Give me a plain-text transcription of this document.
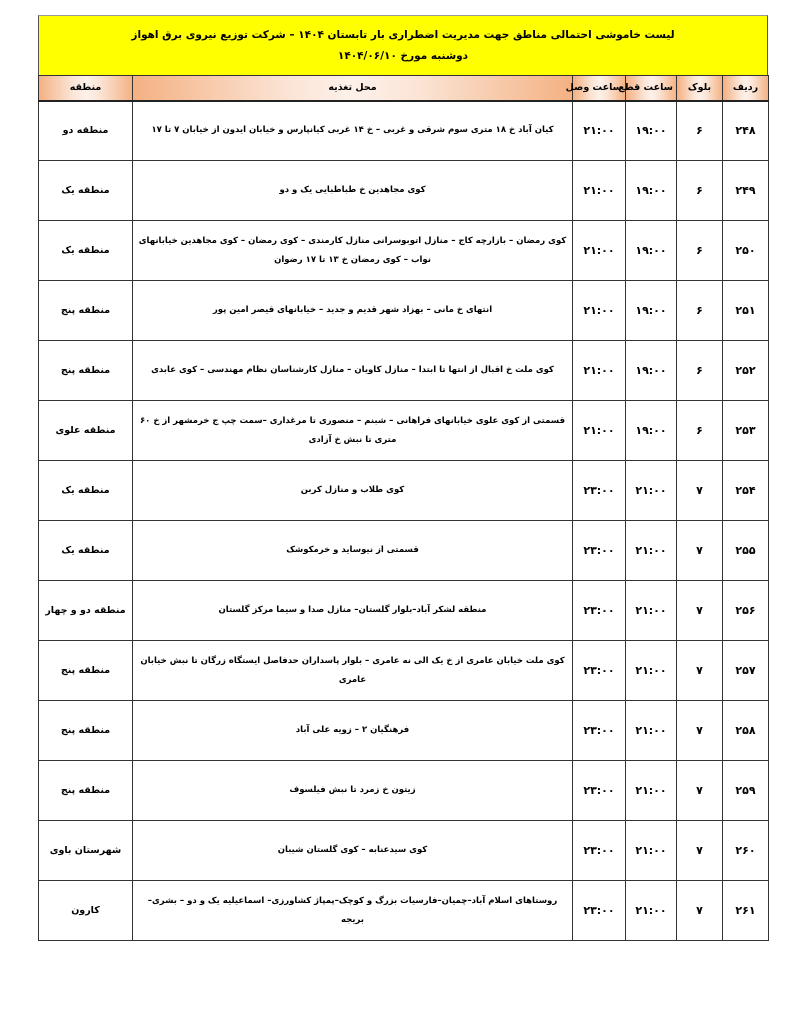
لیست خاموشی احتمالی مناطق جهت مدیریت اضطراری بار تابستان ۱۴۰۴ – شرکت توزیع نیروی برق اهواز
دوشنبه مورخ ۱۴۰۴/۰۶/۱۰
ردیف	بلوک	ساعت قطع	ساعت وصل	محل تغذیه	منطقه
۲۴۸	۶	۱۹:۰۰	۲۱:۰۰	کیان آباد خ ۱۸ متری سوم شرقی و غربی – خ ۱۴ غربی کیانپارس و خیابان ایدون از خیابان ۷ تا ۱۷	منطقه دو
۲۴۹	۶	۱۹:۰۰	۲۱:۰۰	کوی مجاهدین خ طباطبایی یک و دو	منطقه یک
۲۵۰	۶	۱۹:۰۰	۲۱:۰۰	کوی رمضان – بازارچه کاج – منازل اتوبوسرانی منازل کارمندی – کوی رمضان – کوی مجاهدین خیابانهای نواب – کوی رمضان خ ۱۳ تا ۱۷ رضوان	منطقه یک
۲۵۱	۶	۱۹:۰۰	۲۱:۰۰	انتهای خ مانی – بهزاد شهر قدیم و جدید – خیابانهای قیصر امین پور	منطقه پنج
۲۵۲	۶	۱۹:۰۰	۲۱:۰۰	کوی ملت خ اقبال از انتها تا ابتدا – منازل کاویان – منازل کارشناسان نظام مهندسی – کوی عابدی	منطقه پنج
۲۵۳	۶	۱۹:۰۰	۲۱:۰۰	قسمتی از کوی علوی خیابانهای فراهانی – شبنم – منصوری تا مرغداری –سمت چپ ج خرمشهر از خ ۶۰ متری تا نبش خ آزادی	منطقه علوی
۲۵۴	۷	۲۱:۰۰	۲۳:۰۰	کوی طلاب و منازل کربن	منطقه یک
۲۵۵	۷	۲۱:۰۰	۲۳:۰۰	قسمتی از نیوساید و خرمکوشک	منطقه یک
۲۵۶	۷	۲۱:۰۰	۲۳:۰۰	منطقه لشکر آباد–بلوار گلستان– منازل صدا و سیما مرکز گلستان	منطقه دو و چهار
۲۵۷	۷	۲۱:۰۰	۲۳:۰۰	کوی ملت خیابان عامری از خ یک الی نه عامری – بلوار پاسداران حدفاصل ایستگاه زرگان تا نبش خیابان عامری	منطقه پنج
۲۵۸	۷	۲۱:۰۰	۲۳:۰۰	فرهنگیان ۲ – زویه علی آباد	منطقه پنج
۲۵۹	۷	۲۱:۰۰	۲۳:۰۰	زیتون خ زمرد تا نبش فیلسوف	منطقه پنج
۲۶۰	۷	۲۱:۰۰	۲۳:۰۰	کوی سیدعنابه – کوی گلستان شیبان	شهرستان باوی
۲۶۱	۷	۲۱:۰۰	۲۳:۰۰	روستاهای اسلام آباد–چمیان–فارسیات بزرگ و کوچک–پمپاژ کشاورزی– اسماعیلیه یک و دو – بشری– بریجه	کارون
